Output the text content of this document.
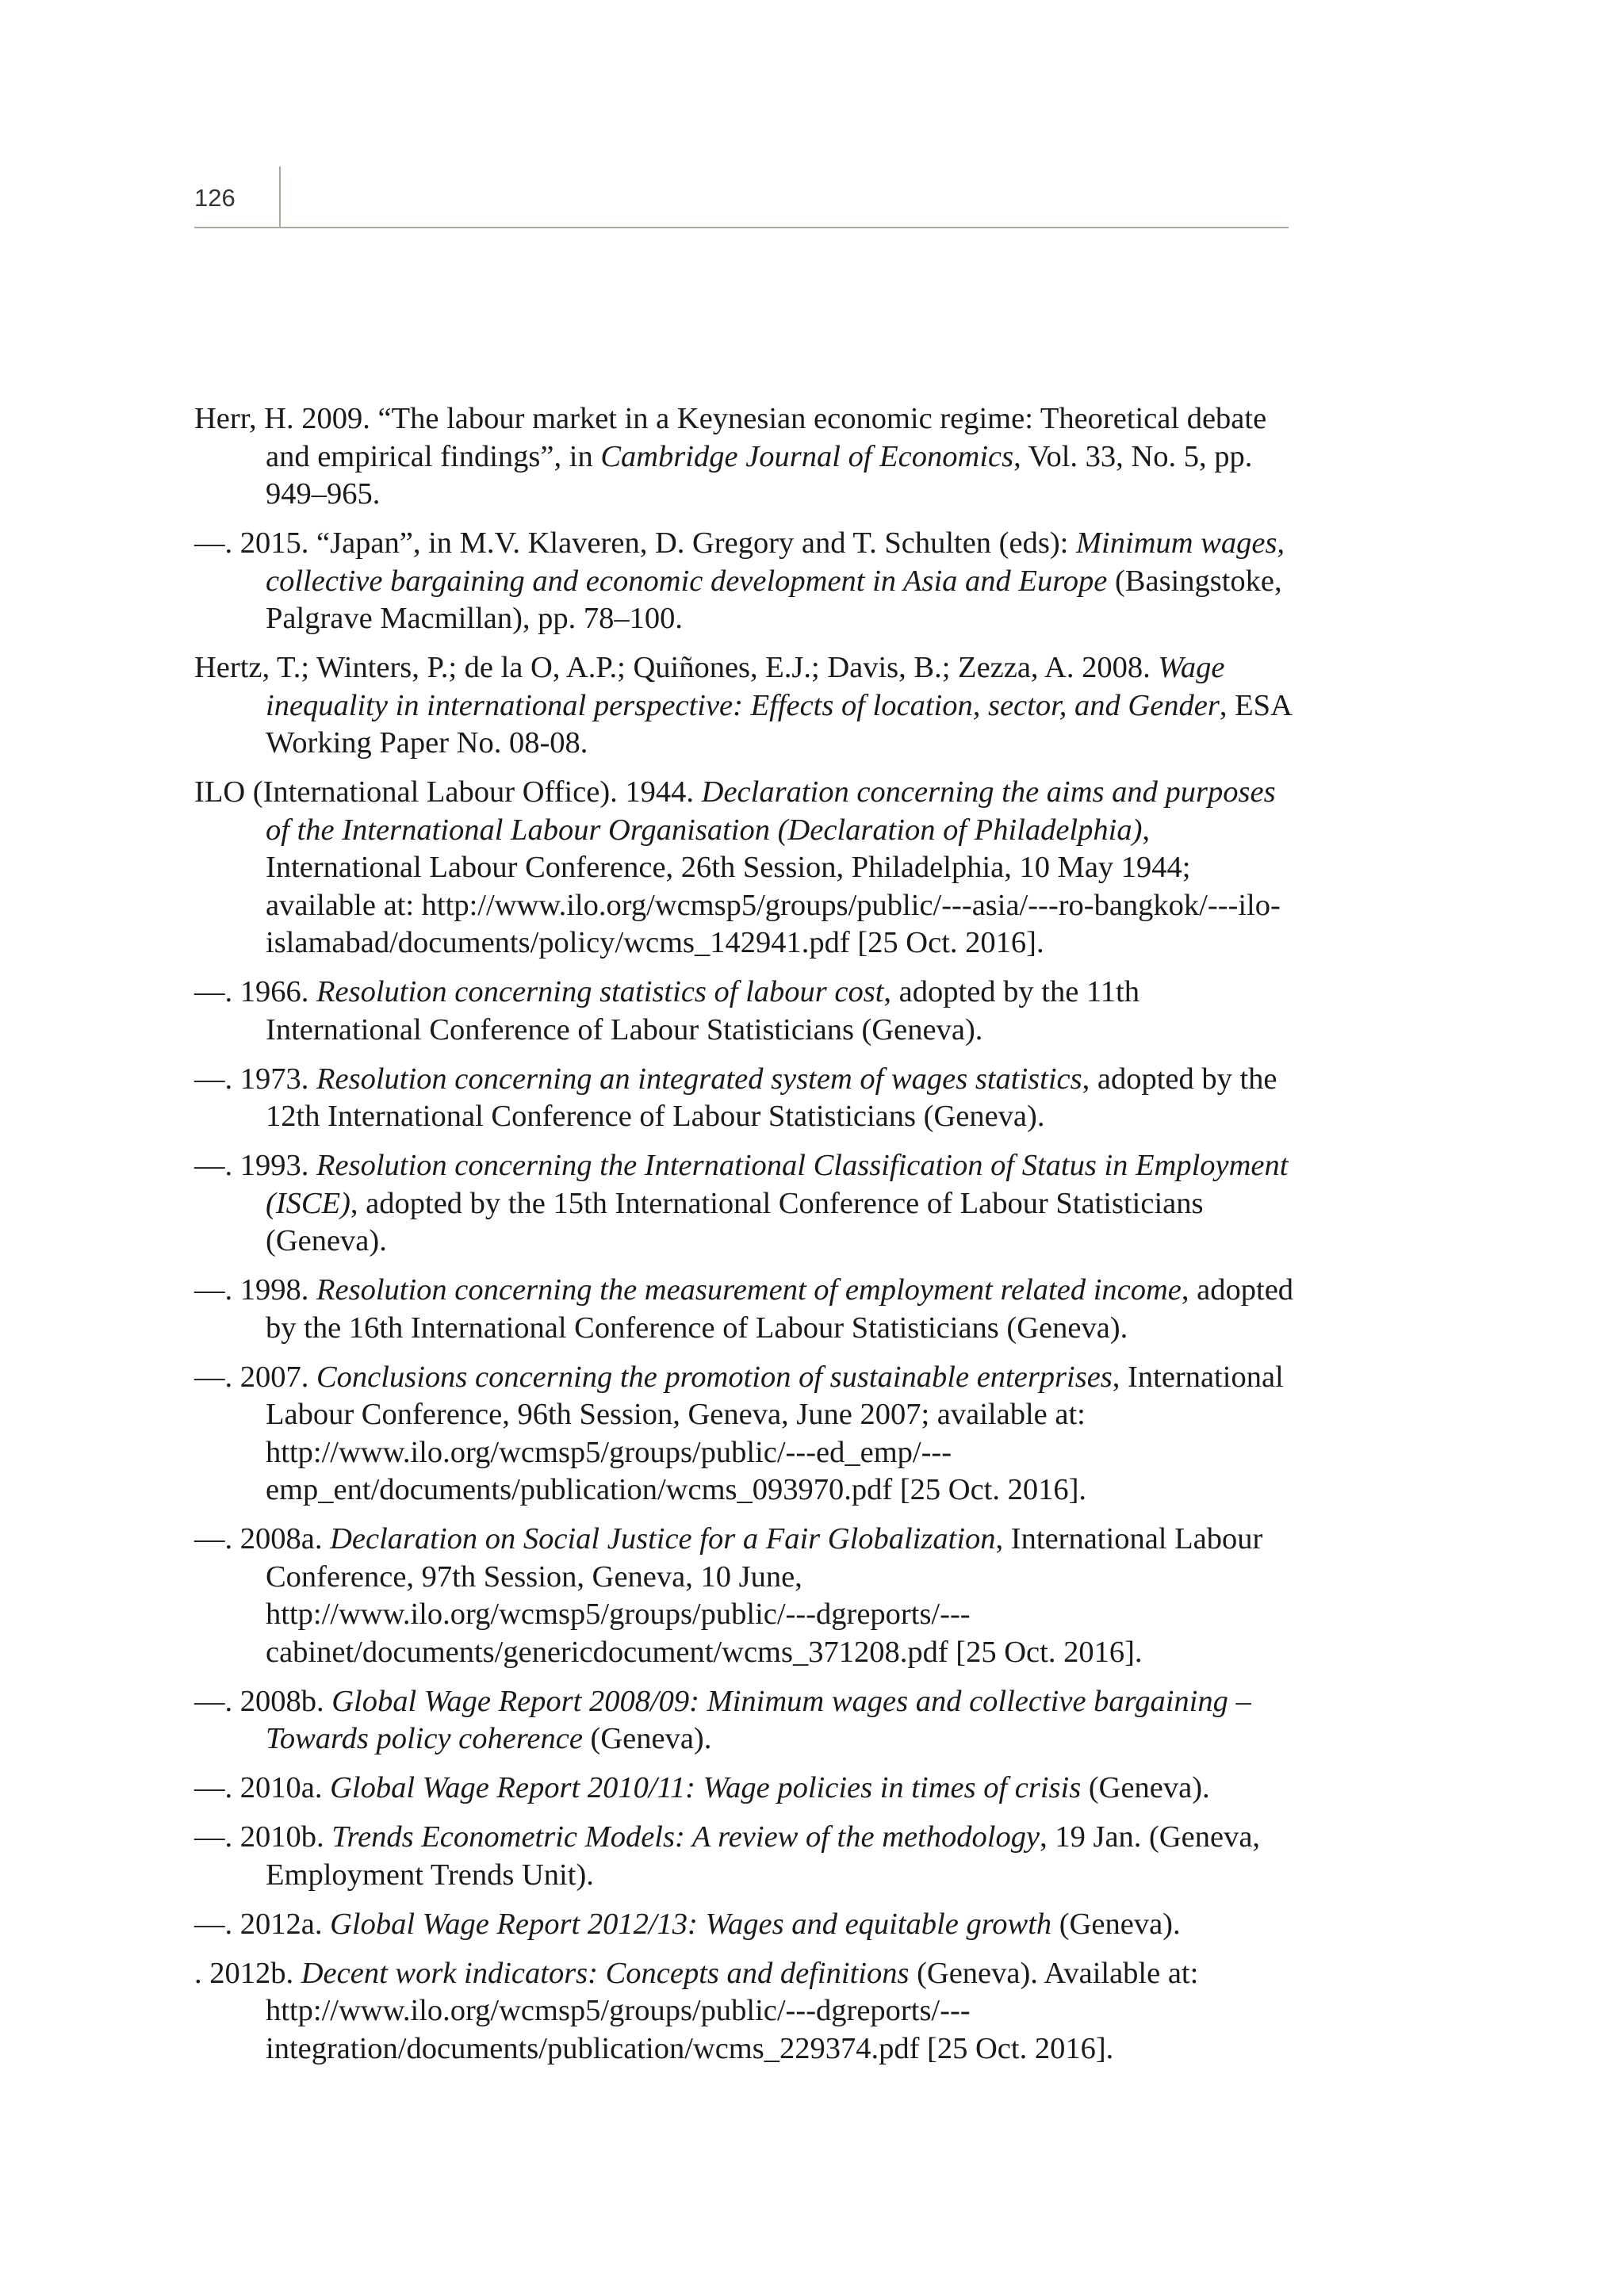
126
Herr, H. 2009. “The labour market in a Keynesian economic regime: Theoretical debate and empirical findings”, in Cambridge Journal of Economics, Vol. 33, No. 5, pp. 949–965.
—. 2015. “Japan”, in M.V. Klaveren, D. Gregory and T. Schulten (eds): Minimum wages, collective bargaining and economic development in Asia and Europe (Basingstoke, Palgrave Macmillan), pp. 78–100.
Hertz, T.; Winters, P.; de la O, A.P.; Quiñones, E.J.; Davis, B.; Zezza, A. 2008. Wage inequality in international perspective: Effects of location, sector, and Gender, ESA Working Paper No. 08-08.
ILO (International Labour Office). 1944. Declaration concerning the aims and purposes of the International Labour Organisation (Declaration of Philadelphia), International Labour Conference, 26th Session, Philadelphia, 10 May 1944; available at: http://www.ilo.org/wcmsp5/groups/public/---asia/---ro-bangkok/---ilo-islamabad/documents/policy/wcms_142941.pdf [25 Oct. 2016].
—. 1966. Resolution concerning statistics of labour cost, adopted by the 11th International Conference of Labour Statisticians (Geneva).
—. 1973. Resolution concerning an integrated system of wages statistics, adopted by the 12th International Conference of Labour Statisticians (Geneva).
—. 1993. Resolution concerning the International Classification of Status in Employment (ISCE), adopted by the 15th International Conference of Labour Statisticians (Geneva).
—. 1998. Resolution concerning the measurement of employment related income, adopted by the 16th International Conference of Labour Statisticians (Geneva).
—. 2007. Conclusions concerning the promotion of sustainable enterprises, International Labour Conference, 96th Session, Geneva, June 2007; available at: http://www.ilo.org/wcmsp5/groups/public/---ed_emp/---emp_ent/documents/publication/wcms_093970.pdf [25 Oct. 2016].
—. 2008a. Declaration on Social Justice for a Fair Globalization, International Labour Conference, 97th Session, Geneva, 10 June, http://www.ilo.org/wcmsp5/groups/public/---dgreports/---cabinet/documents/genericdocument/wcms_371208.pdf [25 Oct. 2016].
—. 2008b. Global Wage Report 2008/09: Minimum wages and collective bargaining – Towards policy coherence (Geneva).
—. 2010a. Global Wage Report 2010/11: Wage policies in times of crisis (Geneva).
—. 2010b. Trends Econometric Models: A review of the methodology, 19 Jan. (Geneva, Employment Trends Unit).
—. 2012a. Global Wage Report 2012/13: Wages and equitable growth (Geneva).
. 2012b. Decent work indicators: Concepts and definitions (Geneva). Available at: http://www.ilo.org/wcmsp5/groups/public/---dgreports/---integration/documents/publication/wcms_229374.pdf [25 Oct. 2016].
